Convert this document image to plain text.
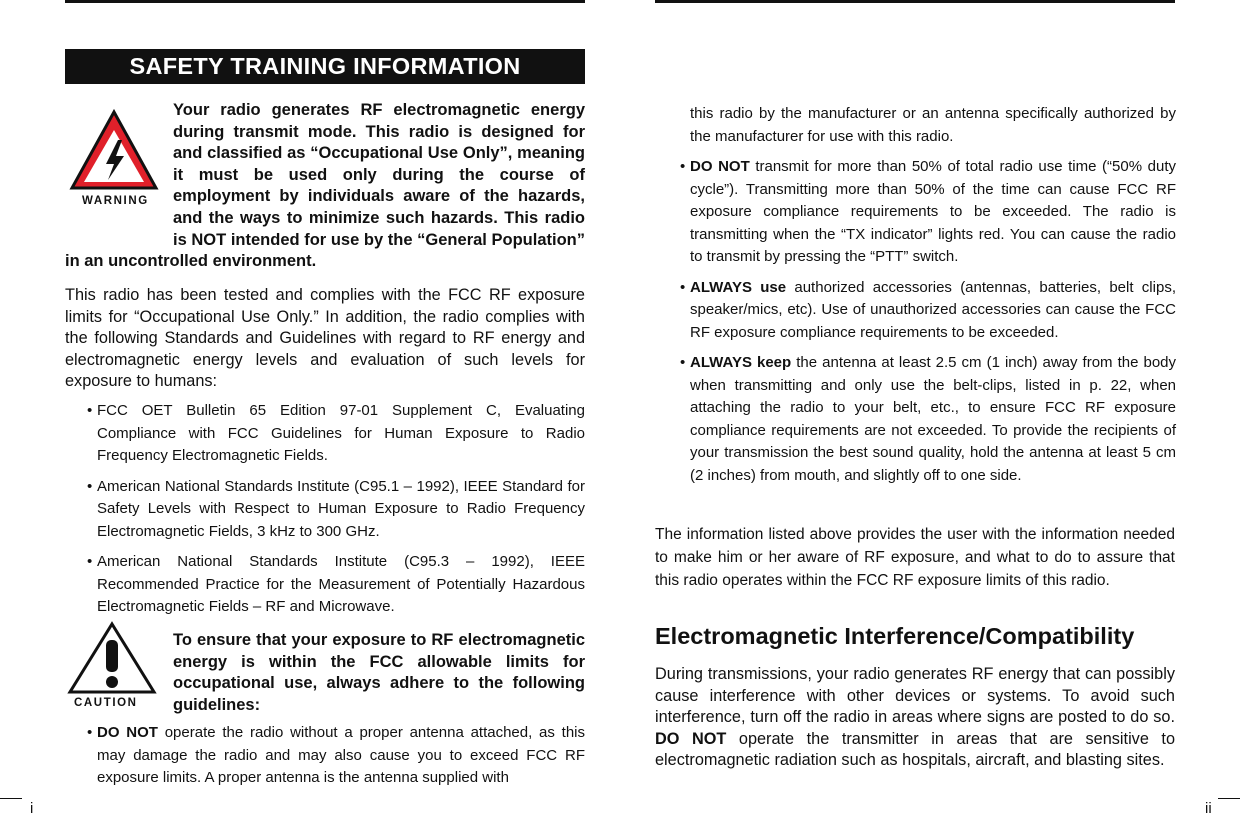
SAFETY TRAINING INFORMATION
WARNING

Your radio generates RF electromagnetic energy during transmit mode. This radio is designed for and classified as “Occupational Use Only”, meaning it must be used only during the course of employment by individuals aware of the hazards, and the ways to minimize such hazards. This radio is NOT intended for use by the “General Population” in an uncontrolled environment.

This radio has been tested and complies with the FCC RF exposure limits for “Occupational Use Only.” In addition, the radio complies with the following Standards and Guidelines with regard to RF energy and electromagnetic energy levels and evaluation of such levels for exposure to humans:

• FCC OET Bulletin 65 Edition 97-01 Supplement C, Evaluating Compliance with FCC Guidelines for Human Exposure to Radio Frequency Electromagnetic Fields.

• American National Standards Institute (C95.1 – 1992), IEEE Standard for Safety Levels with Respect to Human Exposure to Radio Frequency Electromagnetic Fields, 3 kHz to 300 GHz.

• American National Standards Institute (C95.3 – 1992), IEEE Recommended Practice for the Measurement of Potentially Hazardous Electromagnetic Fields – RF and Microwave.

CAUTION

To ensure that your exposure to RF electromagnetic energy is within the FCC allowable limits for occupational use, always adhere to the following guidelines:

• DO NOT operate the radio without a proper antenna attached, as this may damage the radio and may also cause you to exceed FCC RF exposure limits. A proper antenna is the antenna supplied with

i

this radio by the manufacturer or an antenna specifically authorized by the manufacturer for use with this radio.

• DO NOT transmit for more than 50% of total radio use time (“50% duty cycle”). Transmitting more than 50% of the time can cause FCC RF exposure compliance requirements to be exceeded. The radio is transmitting when the “TX indicator” lights red. You can cause the radio to transmit by pressing the “PTT” switch.

• ALWAYS use authorized accessories (antennas, batteries, belt clips, speaker/mics, etc). Use of unauthorized accessories can cause the FCC RF exposure compliance requirements to be exceeded.

• ALWAYS keep the antenna at least 2.5 cm (1 inch) away from the body when transmitting and only use the belt-clips, listed in p. 22, when attaching the radio to your belt, etc., to ensure FCC RF exposure compliance requirements are not exceeded. To provide the recipients of your transmission the best sound quality, hold the antenna at least 5 cm (2 inches) from mouth, and slightly off to one side.

The information listed above provides the user with the information needed to make him or her aware of RF exposure, and what to do to assure that this radio operates within the FCC RF exposure limits of this radio.

Electromagnetic Interference/Compatibility

During transmissions, your radio generates RF energy that can possibly cause interference with other devices or systems. To avoid such interference, turn off the radio in areas where signs are posted to do so. DO NOT operate the transmitter in areas that are sensitive to electromagnetic radiation such as hospitals, aircraft, and blasting sites.

ii
